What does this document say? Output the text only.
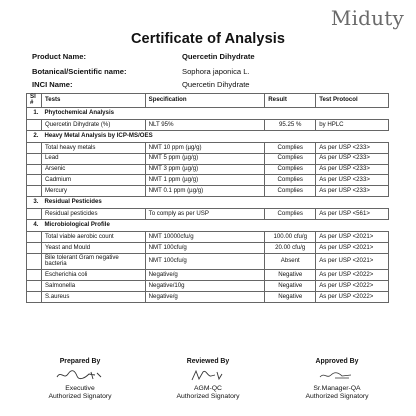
Miduty
Certificate of Analysis
Product Name:	Quercetin Dihydrate
Botanical/Scientific name:	Sophora japonica L.
INCI Name:	Quercetin Dihydrate
Sl #	Tests	Specification	Result	Test Protocol
1.	Phytochemical Analysis			
	Quercetin Dihydrate (%)	NLT 95%	95.25 %	by HPLC
2.	Heavy Metal Analysis by ICP-MS/OES			
	Total heavy metals	NMT 10 ppm (µg/g)	Complies	As per USP <233>
	Lead	NMT 5 ppm (µg/g)	Complies	As per USP <233>
	Arsenic	NMT 3 ppm (µg/g)	Complies	As per USP <233>
	Cadmium	NMT 1 ppm (µg/g)	Complies	As per USP <233>
	Mercury	NMT 0.1 ppm (µg/g)	Complies	As per USP <233>
3.	Residual Pesticides			
	Residual pesticides	To comply as per USP	Complies	As per USP <561>
4.	Microbiological Profile			
	Total viable aerobic count	NMT 10000cfu/g	100.00 cfu/g	As per USP <2021>
	Yeast and Mould	NMT 100cfu/g	20.00 cfu/g	As per USP <2021>
	Bile tolerant Gram negative bacteria	NMT 100cfu/g	Absent	As per USP <2021>
	Escherichia coli	Negative/g	Negative	As per USP <2022>
	Salmonella	Negative/10g	Negative	As per USP <2022>
	S.aureus	Negative/g	Negative	As per USP <2022>
Prepared By
Executive
Authorized Signatory
Reviewed By
AGM-QC
Authorized Signatory
Approved By
Sr.Manager-QA
Authorized Signatory
